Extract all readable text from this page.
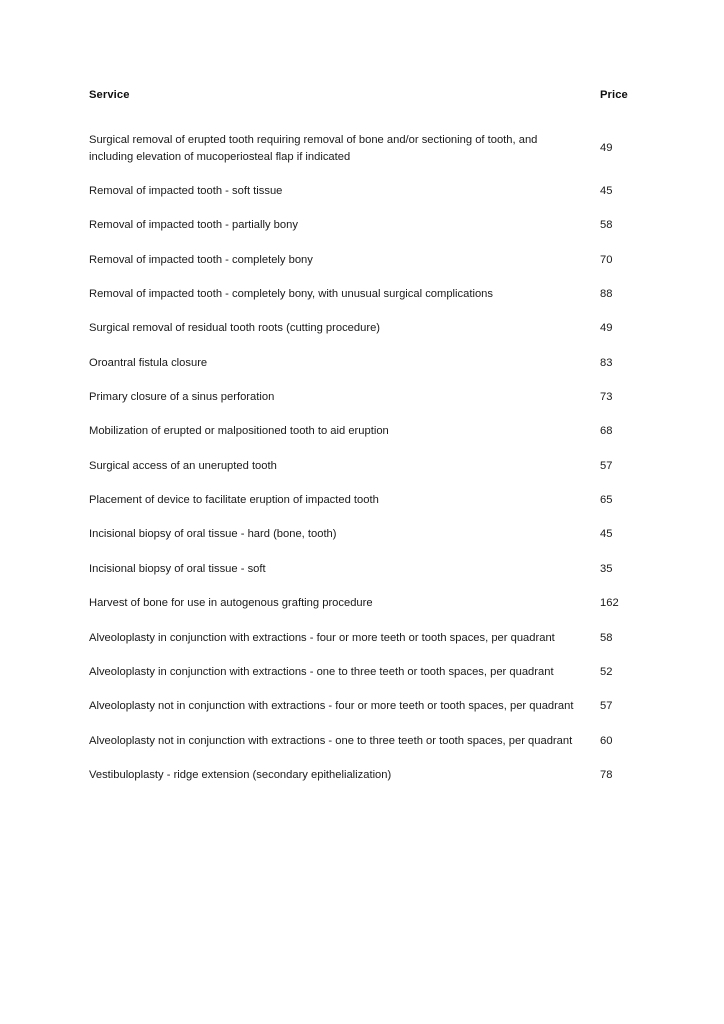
Service	Price
Surgical removal of erupted tooth requiring removal of bone and/or sectioning of tooth, and including elevation of mucoperiosteal flap if indicated	49
Removal of impacted tooth - soft tissue	45
Removal of impacted tooth - partially bony	58
Removal of impacted tooth - completely bony	70
Removal of impacted tooth - completely bony, with unusual surgical complications	88
Surgical removal of residual tooth roots (cutting procedure)	49
Oroantral fistula closure	83
Primary closure of a sinus perforation	73
Mobilization of erupted or malpositioned tooth to aid eruption	68
Surgical access of an unerupted tooth	57
Placement of device to facilitate eruption of impacted tooth	65
Incisional biopsy of oral tissue - hard (bone, tooth)	45
Incisional biopsy of oral tissue - soft	35
Harvest of bone for use in autogenous grafting procedure	162
Alveoloplasty in conjunction with extractions - four or more teeth or tooth spaces, per quadrant	58
Alveoloplasty in conjunction with extractions - one to three teeth or tooth spaces, per quadrant	52
Alveoloplasty not in conjunction with extractions - four or more teeth or tooth spaces, per quadrant	57
Alveoloplasty not in conjunction with extractions - one to three teeth or tooth spaces, per quadrant	60
Vestibuloplasty - ridge extension (secondary epithelialization)	78
